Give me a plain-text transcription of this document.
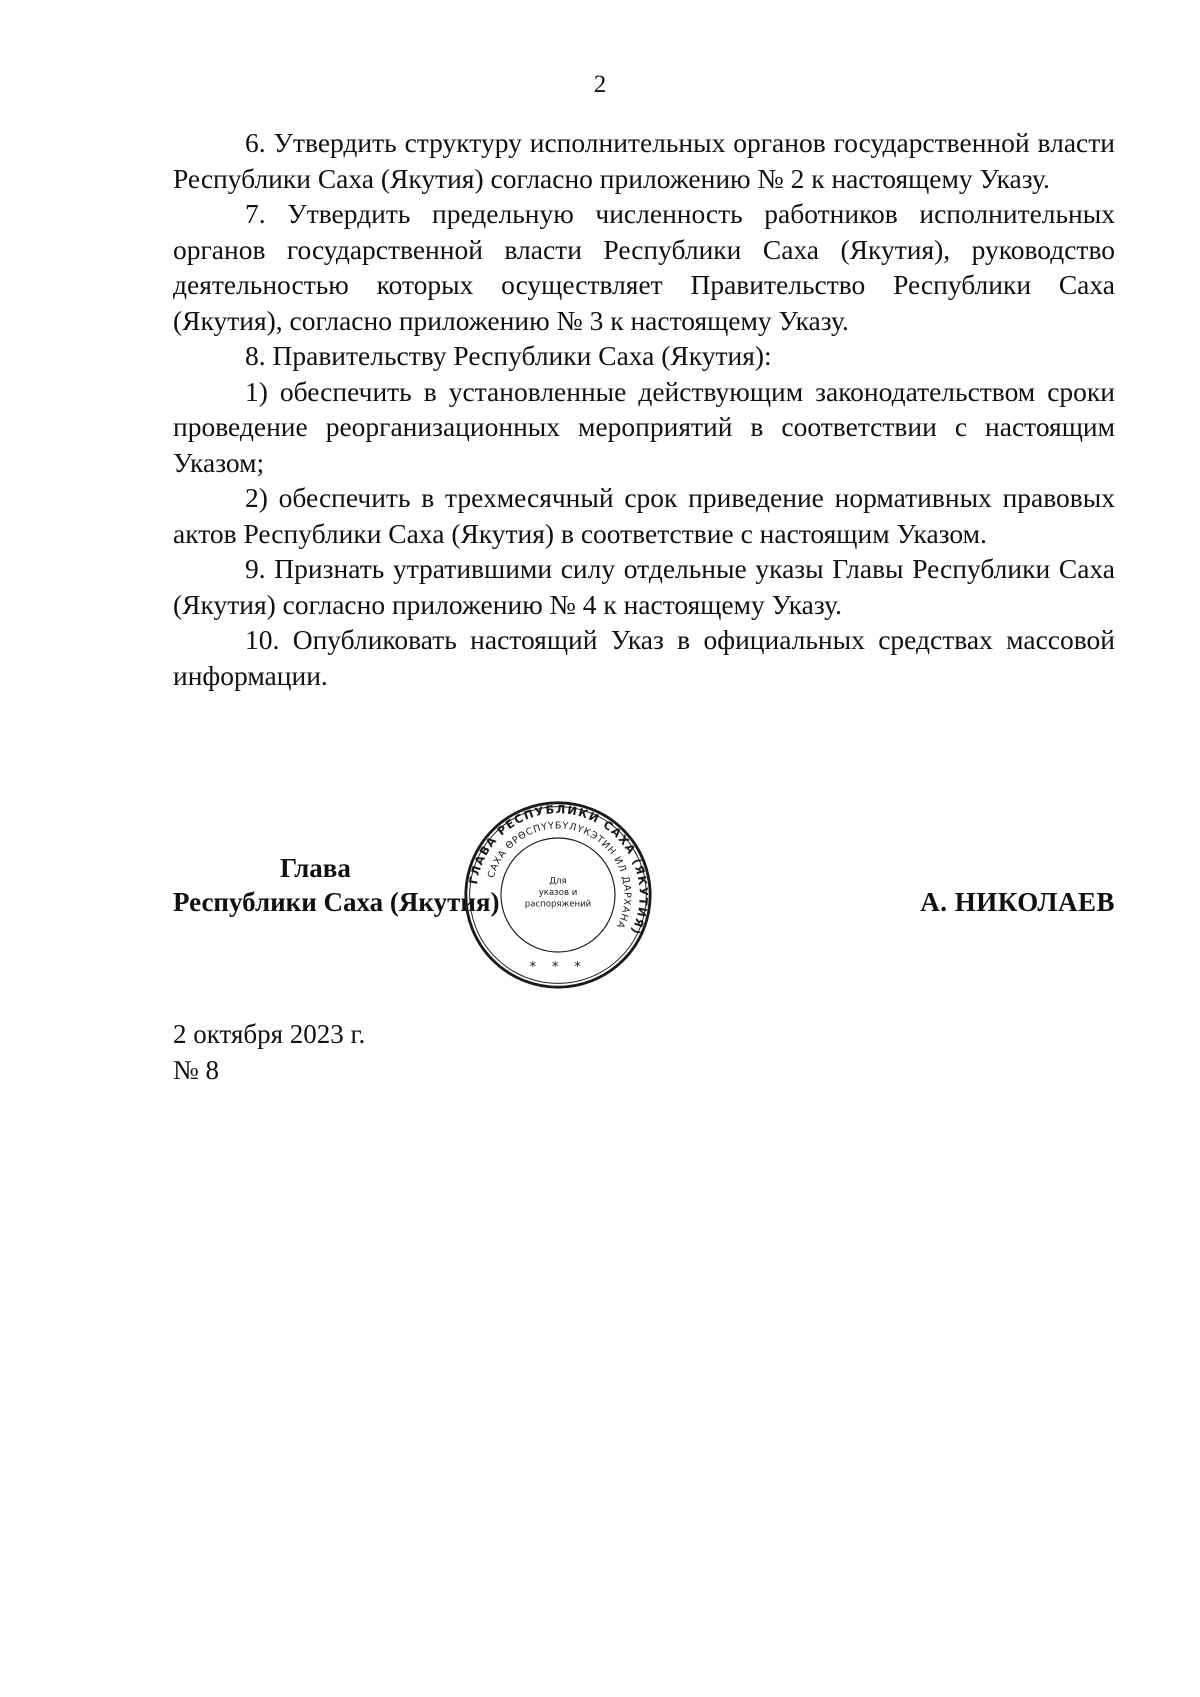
2

6. Утвердить структуру исполнительных органов государственной власти Республики Саха (Якутия) согласно приложению № 2 к настоящему Указу.

7. Утвердить предельную численность работников исполнительных органов государственной власти Республики Саха (Якутия), руководство деятельностью которых осуществляет Правительство Республики Саха (Якутия), согласно приложению № 3 к настоящему Указу.

8. Правительству Республики Саха (Якутия):

1) обеспечить в установленные действующим законодательством сроки проведение реорганизационных мероприятий в соответствии с настоящим Указом;

2) обеспечить в трехмесячный срок приведение нормативных правовых актов Республики Саха (Якутия) в соответствие с настоящим Указом.

9. Признать утратившими силу отдельные указы Главы Республики Саха (Якутия) согласно приложению № 4 к настоящему Указу.

10. Опубликовать настоящий Указ в официальных средствах массовой информации.

Глава
Республики Саха (Якутия)	А. НИКОЛАЕВ
ГЛАВА РЕСПУБЛИКИ САХА (ЯКУТИЯ)
САХА ӨРӨСПҮҮБҮЛҮКЭТИН ИЛ ДАРХАНА
Для
указов и
распоряжений
* * *
2 октября 2023 г.
№ 8
